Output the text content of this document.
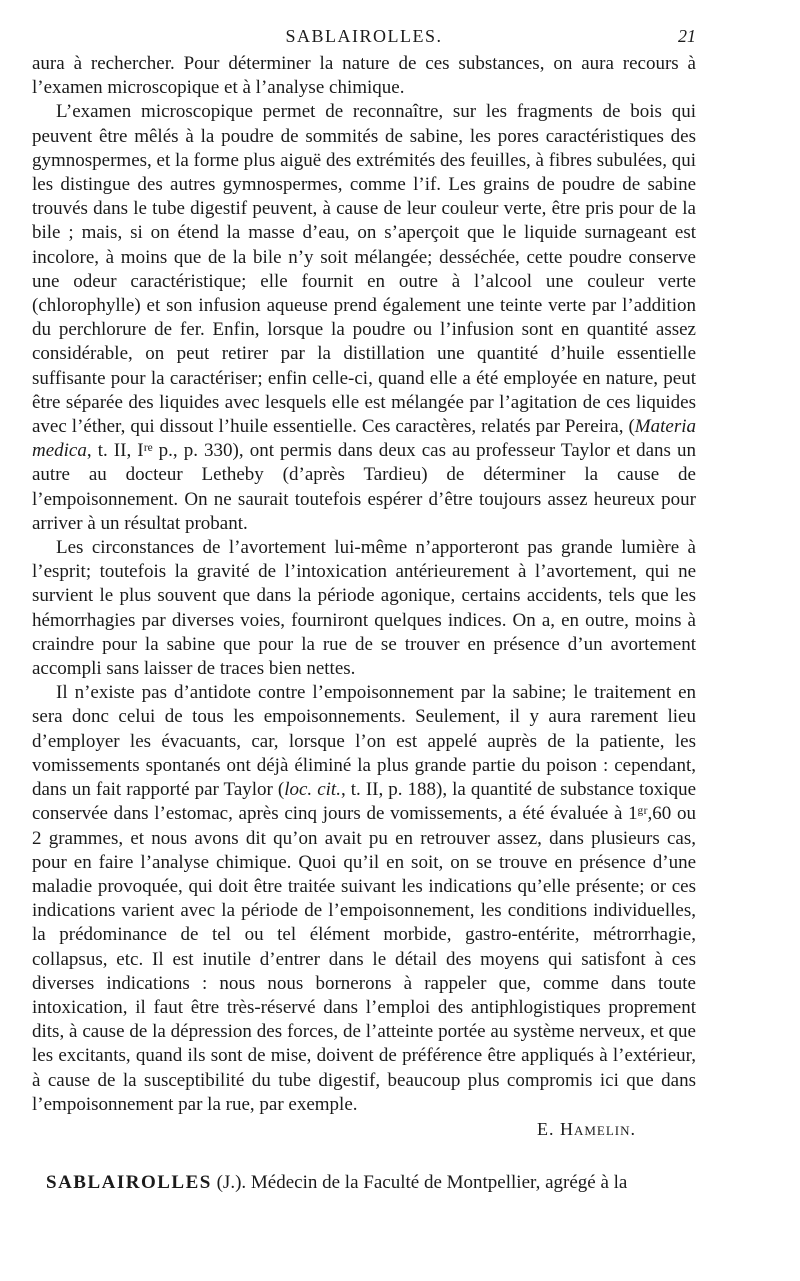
SABLAIROLLES.	21

aura à rechercher. Pour déterminer la nature de ces substances, on aura recours à l’examen microscopique et à l’analyse chimique.

L’examen microscopique permet de reconnaître, sur les fragments de bois qui peuvent être mêlés à la poudre de sommités de sabine, les pores caractéristiques des gymnospermes, et la forme plus aiguë des extrémités des feuilles, à fibres subulées, qui les distingue des autres gymnospermes, comme l’if. Les grains de poudre de sabine trouvés dans le tube digestif peuvent, à cause de leur couleur verte, être pris pour de la bile ; mais, si on étend la masse d’eau, on s’aperçoit que le liquide surnageant est incolore, à moins que de la bile n’y soit mélangée; desséchée, cette poudre conserve une odeur caractéristique; elle fournit en outre à l’alcool une couleur verte (chlorophylle) et son infusion aqueuse prend également une teinte verte par l’addition du perchlorure de fer. Enfin, lorsque la poudre ou l’infusion sont en quantité assez considérable, on peut retirer par la distillation une quantité d’huile essentielle suffisante pour la caractériser; enfin celle-ci, quand elle a été employée en nature, peut être séparée des liquides avec lesquels elle est mélangée par l’agitation de ces liquides avec l’éther, qui dissout l’huile essentielle. Ces caractères, relatés par Pereira, (Materia medica, t. II, Iʳᵉ p., p. 330), ont permis dans deux cas au professeur Taylor et dans un autre au docteur Letheby (d’après Tardieu) de déterminer la cause de l’empoisonnement. On ne saurait toutefois espérer d’être toujours assez heureux pour arriver à un résultat probant.

Les circonstances de l’avortement lui-même n’apporteront pas grande lumière à l’esprit; toutefois la gravité de l’intoxication antérieurement à l’avortement, qui ne survient le plus souvent que dans la période agonique, certains accidents, tels que les hémorrhagies par diverses voies, fourniront quelques indices. On a, en outre, moins à craindre pour la sabine que pour la rue de se trouver en présence d’un avortement accompli sans laisser de traces bien nettes.

Il n’existe pas d’antidote contre l’empoisonnement par la sabine; le traitement en sera donc celui de tous les empoisonnements. Seulement, il y aura rarement lieu d’employer les évacuants, car, lorsque l’on est appelé auprès de la patiente, les vomissements spontanés ont déjà éliminé la plus grande partie du poison : cependant, dans un fait rapporté par Taylor (loc. cit., t. II, p. 188), la quantité de substance toxique conservée dans l’estomac, après cinq jours de vomissements, a été évaluée à 1ᵍʳ,60 ou 2 grammes, et nous avons dit qu’on avait pu en retrouver assez, dans plusieurs cas, pour en faire l’analyse chimique. Quoi qu’il en soit, on se trouve en présence d’une maladie provoquée, qui doit être traitée suivant les indications qu’elle présente; or ces indications varient avec la période de l’empoisonnement, les conditions individuelles, la prédominance de tel ou tel élément morbide, gastro-entérite, métrorrhagie, collapsus, etc. Il est inutile d’entrer dans le détail des moyens qui satisfont à ces diverses indications : nous nous bornerons à rappeler que, comme dans toute intoxication, il faut être très-réservé dans l’emploi des antiphlogistiques proprement dits, à cause de la dépression des forces, de l’atteinte portée au système nerveux, et que les excitants, quand ils sont de mise, doivent de préférence être appliqués à l’extérieur, à cause de la susceptibilité du tube digestif, beaucoup plus compromis ici que dans l’empoisonnement par la rue, par exemple.

E. Hamelin.

SABLAIROLLES (J.). Médecin de la Faculté de Montpellier, agrégé à la
